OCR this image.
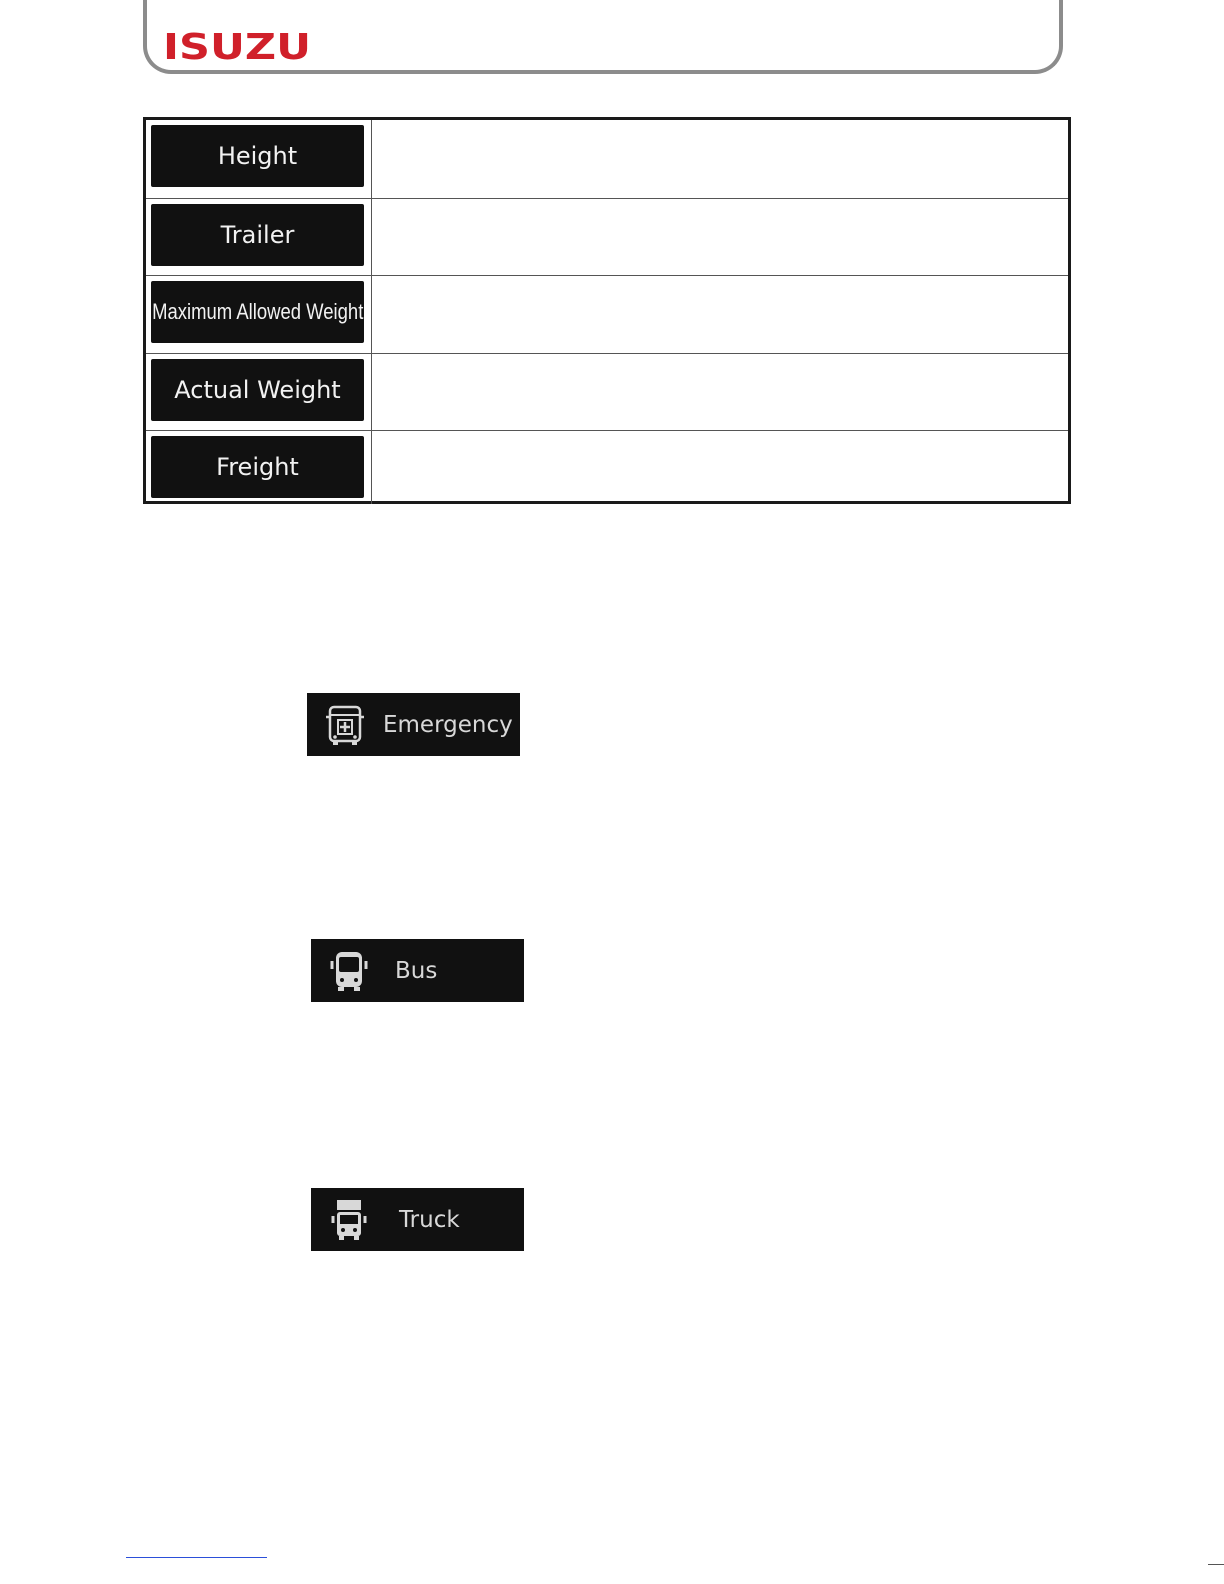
ISUZU
Height
Trailer
Maximum Allowed Weight
Actual Weight
Freight
Emergency
Bus
Truck
